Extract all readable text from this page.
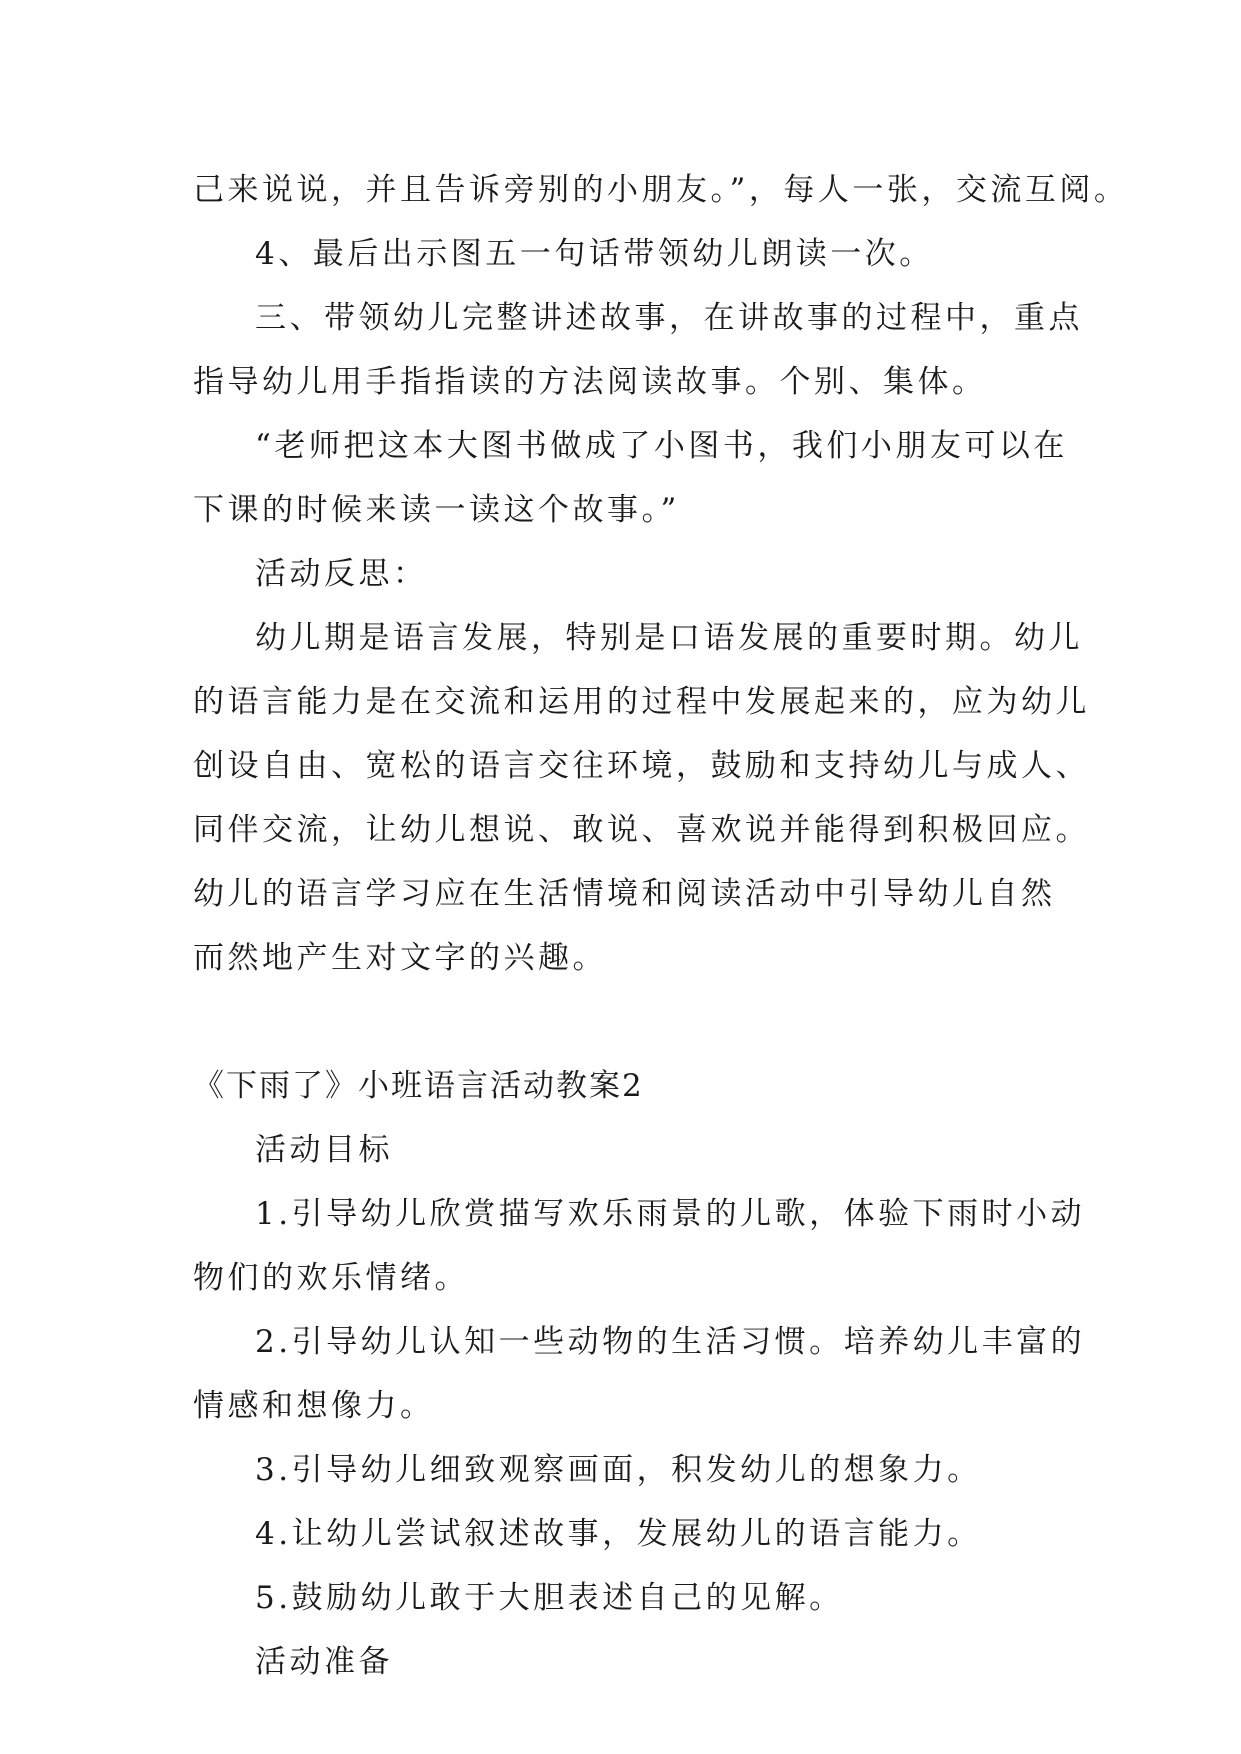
己来说说，并且告诉旁别的小朋友。”，每人一张，交流互阅。
4、最后出示图五一句话带领幼儿朗读一次。
三、带领幼儿完整讲述故事，在讲故事的过程中，重点
指导幼儿用手指指读的方法阅读故事。个别、集体。
“老师把这本大图书做成了小图书，我们小朋友可以在
下课的时候来读一读这个故事。”
活动反思：
幼儿期是语言发展，特别是口语发展的重要时期。幼儿
的语言能力是在交流和运用的过程中发展起来的，应为幼儿
创设自由、宽松的语言交往环境，鼓励和支持幼儿与成人、
同伴交流，让幼儿想说、敢说、喜欢说并能得到积极回应。
幼儿的语言学习应在生活情境和阅读活动中引导幼儿自然
而然地产生对文字的兴趣。
《下雨了》小班语言活动教案2
活动目标
1.引导幼儿欣赏描写欢乐雨景的儿歌，体验下雨时小动
物们的欢乐情绪。
2.引导幼儿认知一些动物的生活习惯。培养幼儿丰富的
情感和想像力。
3.引导幼儿细致观察画面，积发幼儿的想象力。
4.让幼儿尝试叙述故事，发展幼儿的语言能力。
5.鼓励幼儿敢于大胆表述自己的见解。
活动准备
